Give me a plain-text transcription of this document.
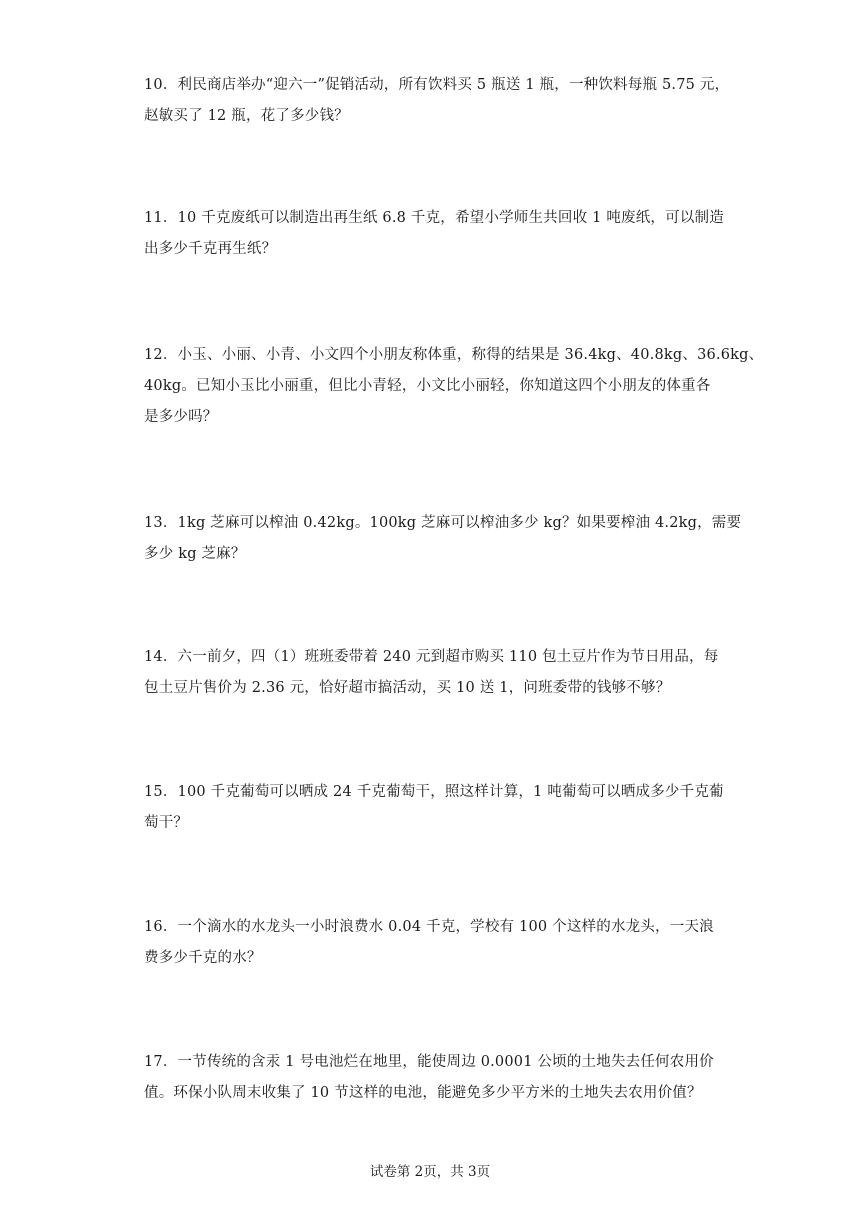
10．利民商店举办“迎六一”促销活动，所有饮料买 5 瓶送 1 瓶，一种饮料每瓶 5.75 元，
赵敏买了 12 瓶，花了多少钱？
11．10 千克废纸可以制造出再生纸 6.8 千克，希望小学师生共回收 1 吨废纸，可以制造
出多少千克再生纸？
12．小玉、小丽、小青、小文四个小朋友称体重，称得的结果是 36.4kg、40.8kg、36.6kg、
40kg。已知小玉比小丽重，但比小青轻，小文比小丽轻，你知道这四个小朋友的体重各
是多少吗？
13．1kg 芝麻可以榨油 0.42kg。100kg 芝麻可以榨油多少 kg？如果要榨油 4.2kg，需要
多少 kg 芝麻？
14．六一前夕，四（1）班班委带着 240 元到超市购买 110 包土豆片作为节日用品，每
包土豆片售价为 2.36 元，恰好超市搞活动，买 10 送 1，问班委带的钱够不够？
15．100 千克葡萄可以晒成 24 千克葡萄干，照这样计算，1 吨葡萄可以晒成多少千克葡
萄干？
16．一个滴水的水龙头一小时浪费水 0.04 千克，学校有 100 个这样的水龙头，一天浪
费多少千克的水？
17．一节传统的含汞 1 号电池烂在地里，能使周边 0.0001 公顷的土地失去任何农用价
值。环保小队周末收集了 10 节这样的电池，能避免多少平方米的土地失去农用价值？
试卷第 2页，共 3页
